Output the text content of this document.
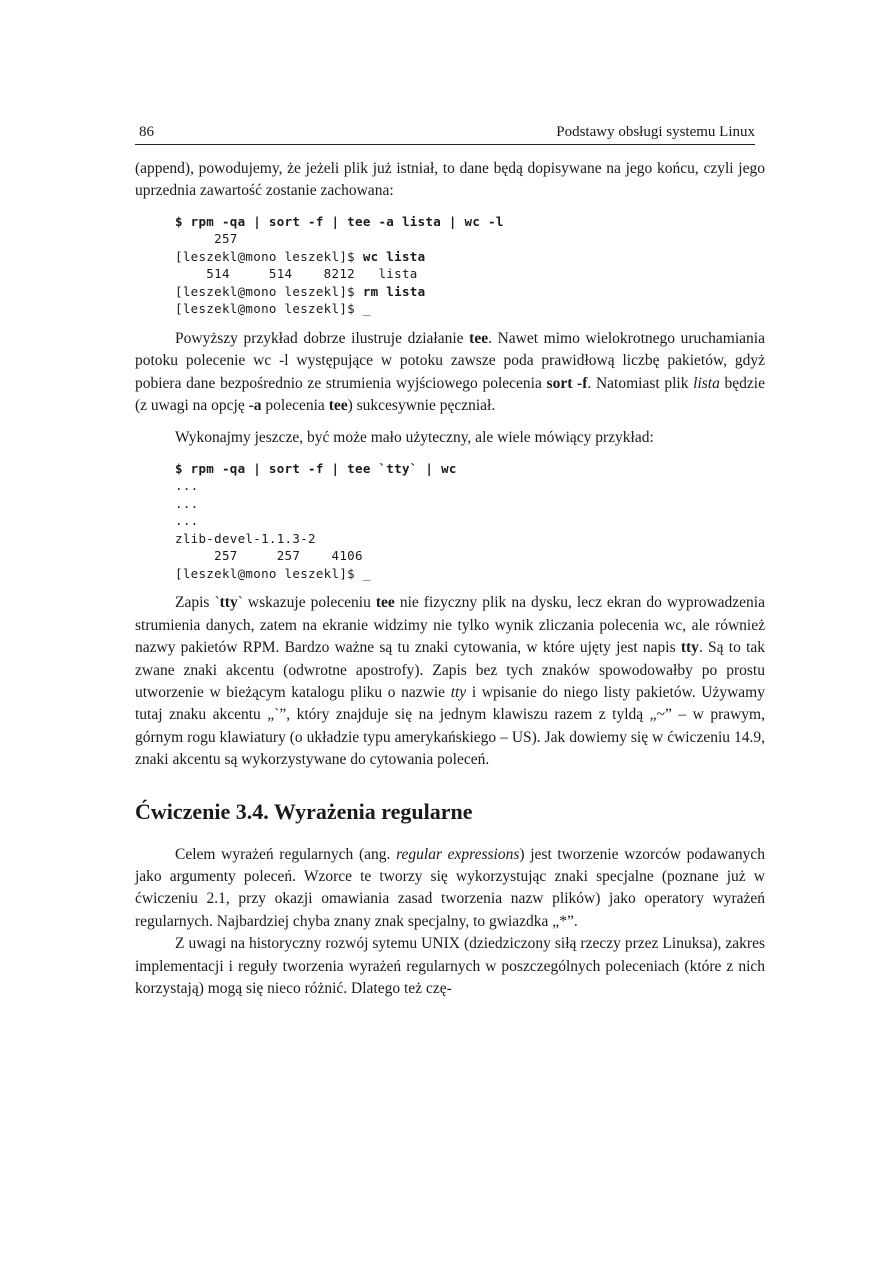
86	Podstawy obsługi systemu Linux

(append), powodujemy, że jeżeli plik już istniał, to dane będą dopisywane na jego końcu, czyli jego uprzednia zawartość zostanie zachowana:

$ rpm -qa | sort -f | tee -a lista | wc -l
257
[leszekl@mono leszekl]$ wc lista
514     514    8212   lista
[leszekl@mono leszekl]$ rm lista
[leszekl@mono leszekl]$ _

Powyższy przykład dobrze ilustruje działanie tee. Nawet mimo wielokrotnego uruchamiania potoku polecenie wc -l występujące w potoku zawsze poda prawidłową liczbę pakietów, gdyż pobiera dane bezpośrednio ze strumienia wyjściowego polecenia sort -f. Natomiast plik lista będzie (z uwagi na opcję -a polecenia tee) sukcesywnie pęczniał.

Wykonajmy jeszcze, być może mało użyteczny, ale wiele mówiący przykład:

$ rpm -qa | sort -f | tee `tty` | wc
...
...
...
zlib-devel-1.1.3-2
257     257    4106
[leszekl@mono leszekl]$ _

Zapis `tty` wskazuje poleceniu tee nie fizyczny plik na dysku, lecz ekran do wyprowadzenia strumienia danych, zatem na ekranie widzimy nie tylko wynik zliczania polecenia wc, ale również nazwy pakietów RPM. Bardzo ważne są tu znaki cytowania, w które ujęty jest napis tty. Są to tak zwane znaki akcentu (odwrotne apostrofy). Zapis bez tych znaków spowodowałby po prostu utworzenie w bieżącym katalogu pliku o nazwie tty i wpisanie do niego listy pakietów. Używamy tutaj znaku akcentu „`”, który znajduje się na jednym klawiszu razem z tyldą „~” – w prawym, górnym rogu klawiatury (o układzie typu amerykańskiego – US). Jak dowiemy się w ćwiczeniu 14.9, znaki akcentu są wykorzystywane do cytowania poleceń.

Ćwiczenie 3.4. Wyrażenia regularne

Celem wyrażeń regularnych (ang. regular expressions) jest tworzenie wzorców podawanych jako argumenty poleceń. Wzorce te tworzy się wykorzystując znaki specjalne (poznane już w ćwiczeniu 2.1, przy okazji omawiania zasad tworzenia nazw plików) jako operatory wyrażeń regularnych. Najbardziej chyba znany znak specjalny, to gwiazdka „*”.

Z uwagi na historyczny rozwój sytemu UNIX (dziedziczony siłą rzeczy przez Linuksa), zakres implementacji i reguły tworzenia wyrażeń regularnych w poszczególnych poleceniach (które z nich korzystają) mogą się nieco różnić. Dlatego też czę-
